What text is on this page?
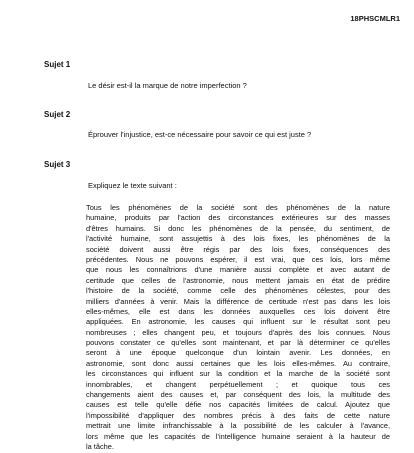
18PHSCMLR1
Sujet 1
Le désir est-il la marque de notre imperfection ?
Sujet 2
Éprouver l'injustice, est-ce nécessaire pour savoir ce qui est juste ?
Sujet 3
Expliquez le texte suivant :
Tous les phénomènes de la société sont des phénomènes de la nature
humaine, produits par l'action des circonstances extérieures sur des masses
d'êtres humains. Si donc les phénomènes de la pensée, du sentiment, de
l'activité humaine, sont assujettis à des lois fixes, les phénomènes de la
société doivent aussi être régis par des lois fixes, conséquences des
précédentes. Nous ne pouvons espérer, il est vrai, que ces lois, lors même
que nous les connaîtrions d'une manière aussi complète et avec autant de
certitude que celles de l'astronomie, nous mettent jamais en état de prédire
l'histoire de la société, comme celle des phénomènes célestes, pour des
milliers d'années à venir. Mais la différence de certitude n'est pas dans les lois
elles-mêmes, elle est dans les données auxquelles ces lois doivent être
appliquées. En astronomie, les causes qui influent sur le résultat sont peu
nombreuses ; elles changent peu, et toujours d'après des lois connues. Nous
pouvons constater ce qu'elles sont maintenant, et par là déterminer ce qu'elles
seront à une époque quelconque d'un lointain avenir. Les données, en
astronomie, sont donc aussi certaines que les lois elles-mêmes. Au contraire,
les circonstances qui influent sur la condition et la marche de la société sont
innombrables, et changent perpétuellement ; et quoique tous ces
changements aient des causes et, par conséquent des lois, la multitude des
causes est telle qu'elle défie nos capacités limitées de calcul. Ajoutez que
l'impossibilité d'appliquer des nombres précis à des faits de cette nature
mettrait une limite infranchissable à la possibilité de les calculer à l'avance,
lors même que les capacités de l'intelligence humaine seraient à la hauteur de
la tâche.
